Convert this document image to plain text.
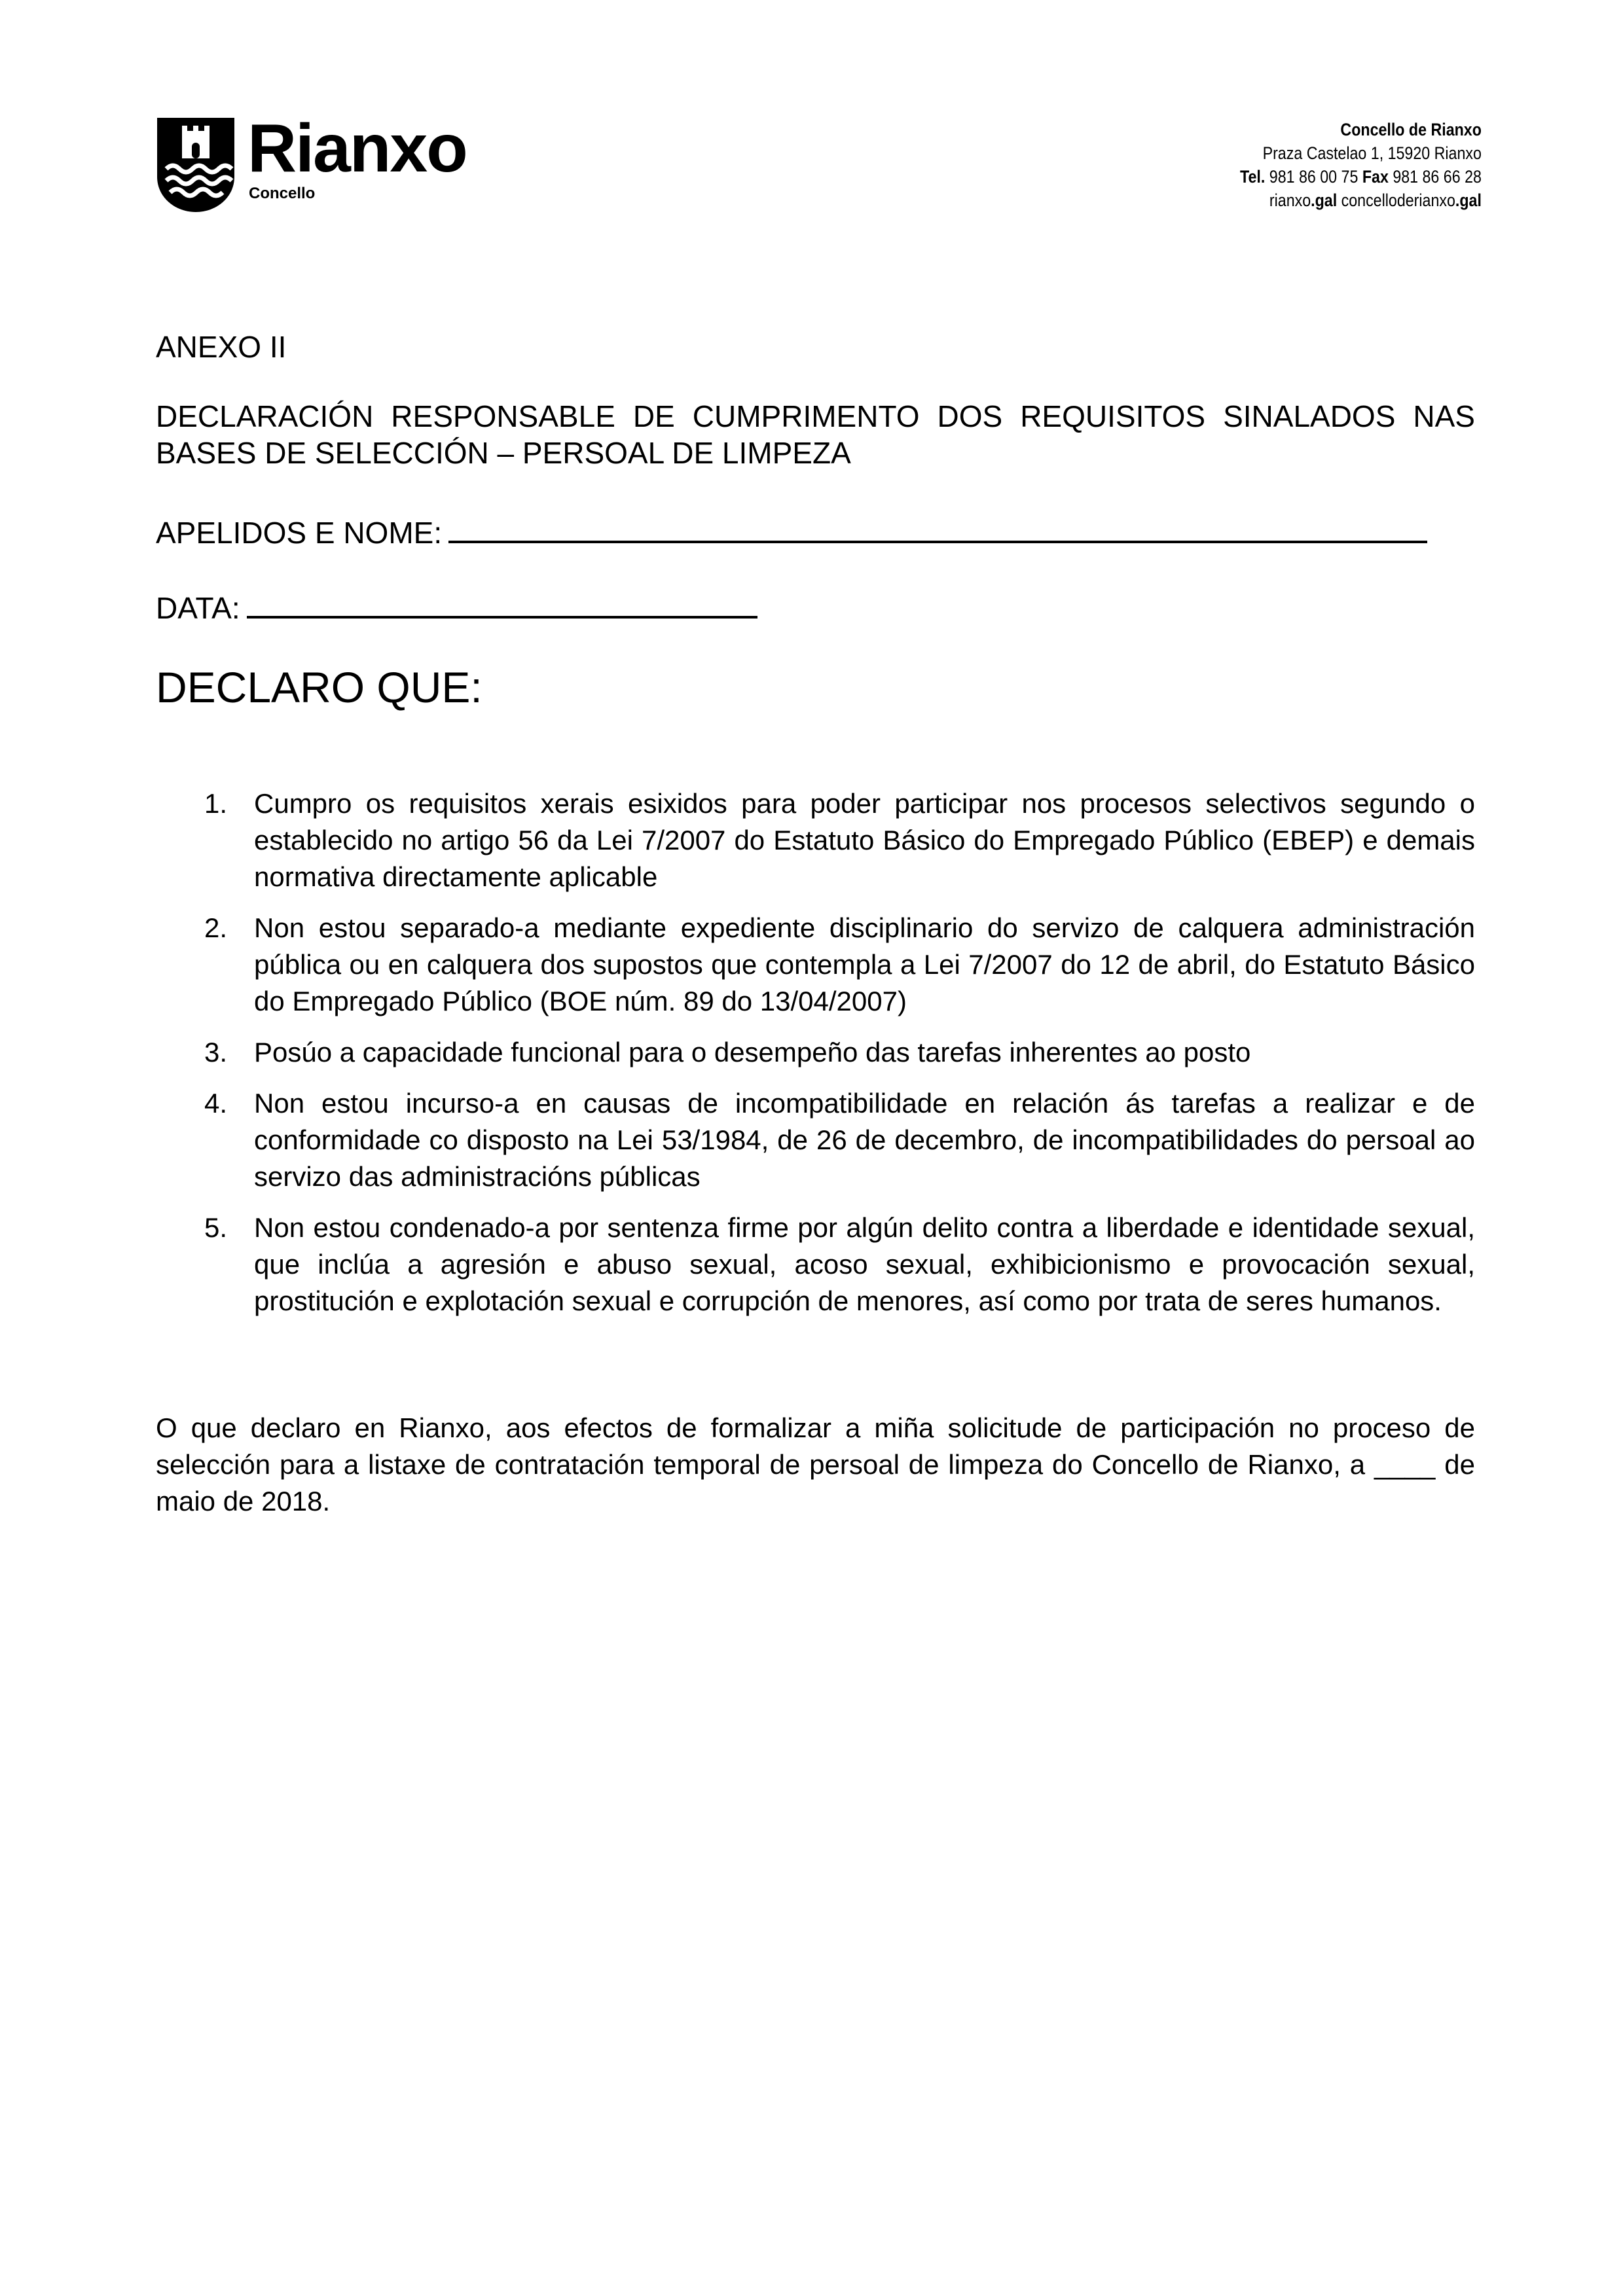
Rianxo
Concello
Concello de Rianxo
Praza Castelao 1, 15920 Rianxo
Tel. 981 86 00 75 Fax 981 86 66 28
rianxo.gal concelloderianxo.gal
ANEXO II
DECLARACIÓN RESPONSABLE DE CUMPRIMENTO DOS REQUISITOS SINALADOS NAS BASES DE SELECCIÓN – PERSOAL DE LIMPEZA
APELIDOS E NOME:
DATA:
DECLARO QUE:
1. Cumpro os requisitos xerais esixidos para poder participar nos procesos selectivos segundo o establecido no artigo 56 da Lei 7/2007 do Estatuto Básico do Empregado Público (EBEP) e demais normativa directamente aplicable
2. Non estou separado-a mediante expediente disciplinario do servizo de calquera administración pública ou en calquera dos supostos que contempla a Lei 7/2007 do 12 de abril, do Estatuto Básico do Empregado Público (BOE núm. 89 do 13/04/2007)
3. Posúo a capacidade funcional para o desempeño das tarefas inherentes ao posto
4. Non estou incurso-a en causas de incompatibilidade en relación ás tarefas a realizar e de conformidade co disposto na Lei 53/1984, de 26 de decembro, de incompatibilidades do persoal ao servizo das administracións públicas
5. Non estou condenado-a por sentenza firme por algún delito contra a liberdade e identidade sexual, que inclúa a agresión e abuso sexual, acoso sexual, exhibicionismo e provocación sexual, prostitución e explotación sexual e corrupción de menores, así como por trata de seres humanos.
O que declaro en Rianxo, aos efectos de formalizar a miña solicitude de participación no proceso de selección para a listaxe de contratación temporal de persoal de limpeza do Concello de Rianxo, a ____ de maio de 2018.
